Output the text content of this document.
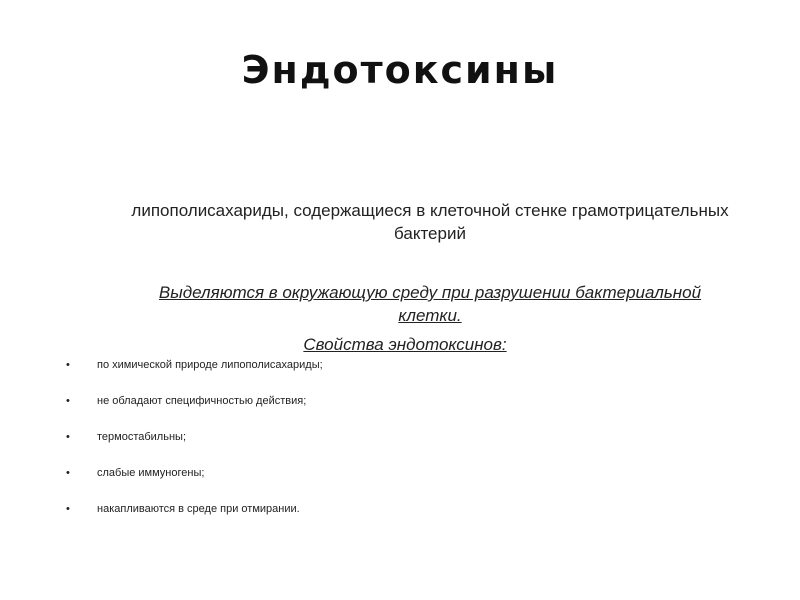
Эндотоксины
липополисахариды, содержащиеся в клеточной стенке грамотрицательных бактерий
Выделяются в окружающую среду при разрушении бактериальной клетки.
Свойства эндотоксинов:
• по химической природе липополисахариды;
• не обладают специфичностью действия;
• термостабильны;
• слабые иммуногены;
• накапливаются в среде при отмирании.
